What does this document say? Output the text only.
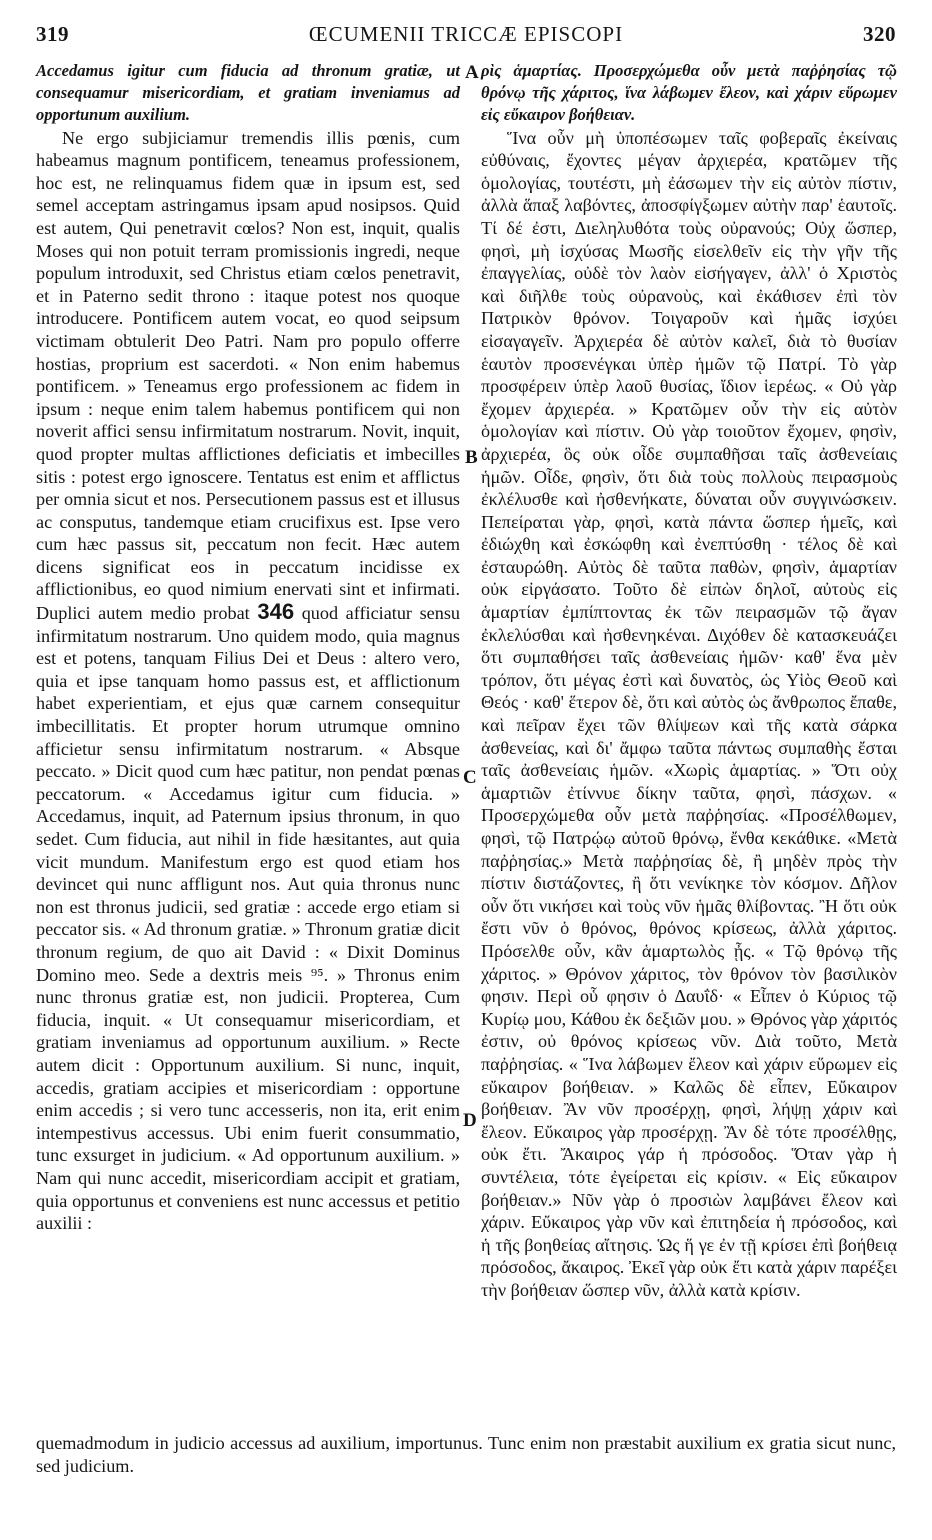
319	ŒCUMENII TRICCÆ EPISCOPI	320

Accedamus igitur cum fiducia ad thronum gratiæ, ut consequamur misericordiam, et gratiam inveniamus ad opportunum auxilium.

Ne ergo subjiciamur tremendis illis pœnis, cum habeamus magnum pontificem, teneamus professionem, hoc est, ne relinquamus fidem quæ in ipsum est, sed semel acceptam astringamus ipsam apud nosipsos. Quid est autem, Qui penetravit cœlos? Non est, inquit, qualis Moses qui non potuit terram promissionis ingredi, neque populum introduxit, sed Christus etiam cœlos penetravit, et in Paterno sedit throno : itaque potest nos quoque introducere. Pontificem autem vocat, eo quod seipsum victimam obtulerit Deo Patri. Nam pro populo offerre hostias, proprium est sacerdoti. « Non enim habemus pontificem. » Teneamus ergo professionem ac fidem in ipsum : neque enim talem habemus pontificem qui non noverit affici sensu infirmitatum nostrarum. Novit, inquit, quod propter multas afflictiones deficiatis et imbecilles sitis : potest ergo ignoscere. Tentatus est enim et afflictus per omnia sicut et nos. Persecutionem passus est et illusus ac consputus, tandemque etiam crucifixus est. Ipse vero cum hæc passus sit, peccatum non fecit. Hæc autem dicens significat eos in peccatum incidisse ex afflictionibus, eo quod nimium enervati sint et infirmati. Duplici autem medio probat 346 quod afficiatur sensu infirmitatum nostrarum. Uno quidem modo, quia magnus est et potens, tanquam Filius Dei et Deus : altero vero, quia et ipse tanquam homo passus est, et afflictionum habet experientiam, et ejus quæ carnem consequitur imbecillitatis. Et propter horum utrumque omnino afficietur sensu infirmitatum nostrarum. « Absque peccato. » Dicit quod cum hæc patitur, non pendat pœnas peccatorum. « Accedamus igitur cum fiducia. » Accedamus, inquit, ad Paternum ipsius thronum, in quo sedet. Cum fiducia, aut nihil in fide hæsitantes, aut quia vicit mundum. Manifestum ergo est quod etiam hos devincet qui nunc affligunt nos. Aut quia thronus nunc non est thronus judicii, sed gratiæ : accede ergo etiam si peccator sis. « Ad thronum gratiæ. » Thronum gratiæ dicit thronum regium, de quo ait David : « Dixit Dominus Domino meo. Sede a dextris meis ⁹⁵. » Thronus enim nunc thronus gratiæ est, non judicii. Propterea, Cum fiducia, inquit. « Ut consequamur misericordiam, et gratiam inveniamus ad opportunum auxilium. » Recte autem dicit : Opportunum auxilium. Si nunc, inquit, accedis, gratiam accipies et misericordiam : opportune enim accedis ; si vero tunc accesseris, non ita, erit enim intempestivus accessus. Ubi enim fuerit consummatio, tunc exsurget in judicium. « Ad opportunum auxilium. » Nam qui nunc accedit, misericordiam accipit et gratiam, quia opportunus et conveniens est nunc accessus et petitio auxilii :

A
B
C
D

ρὶς ἁμαρτίας. Προσερχώμεθα οὖν μετὰ παῤῥησίας τῷ θρόνῳ τῆς χάριτος, ἵνα λάβωμεν ἔλεον, καὶ χάριν εὕρωμεν εἰς εὔκαιρον βοήθειαν.

Ἵνα οὖν μὴ ὑποπέσωμεν ταῖς φοβεραῖς ἐκείναις εὐθύναις, ἔχοντες μέγαν ἀρχιερέα, κρατῶμεν τῆς ὁμολογίας, τουτέστι, μὴ ἐάσωμεν τὴν εἰς αὐτὸν πίστιν, ἀλλὰ ἅπαξ λαβόντες, ἀποσφίγξωμεν αὐτὴν παρ' ἑαυτοῖς. Τί δέ ἐστι, Διεληλυθότα τοὺς οὐρανούς; Οὐχ ὥσπερ, φησὶ, μὴ ἰσχύσας Μωσῆς εἰσελθεῖν εἰς τὴν γῆν τῆς ἐπαγγελίας, οὐδὲ τὸν λαὸν εἰσήγαγεν, ἀλλ' ὁ Χριστὸς καὶ διῆλθε τοὺς οὐρανοὺς, καὶ ἐκάθισεν ἐπὶ τὸν Πατρικὸν θρόνον. Τοιγαροῦν καὶ ἡμᾶς ἰσχύει εἰσαγαγεῖν. Ἀρχιερέα δὲ αὐτὸν καλεῖ, διὰ τὸ θυσίαν ἑαυτὸν προσενέγκαι ὑπὲρ ἡμῶν τῷ Πατρί. Τὸ γὰρ προσφέρειν ὑπὲρ λαοῦ θυσίας, ἴδιον ἱερέως. « Οὐ γὰρ ἔχομεν ἀρχιερέα. » Κρατῶμεν οὖν τὴν εἰς αὐτὸν ὁμολογίαν καὶ πίστιν. Οὐ γὰρ τοιοῦτον ἔχομεν, φησὶν, ἀρχιερέα, ὃς οὐκ οἶδε συμπαθῆσαι ταῖς ἀσθενείαις ἡμῶν. Οἶδε, φησὶν, ὅτι διὰ τοὺς πολλοὺς πειρασμοὺς ἐκλέλυσθε καὶ ἠσθενήκατε, δύναται οὖν συγγινώσκειν. Πεπείραται γὰρ, φησὶ, κατὰ πάντα ὥσπερ ἡμεῖς, καὶ ἐδιώχθη καὶ ἐσκώφθη καὶ ἐνεπτύσθη · τέλος δὲ καὶ ἐσταυρώθη. Αὐτὸς δὲ ταῦτα παθὼν, φησὶν, ἁμαρτίαν οὐκ εἰργάσατο. Τοῦτο δὲ εἰπὼν δηλοῖ, αὐτοὺς εἰς ἁμαρτίαν ἐμπίπτοντας ἐκ τῶν πειρασμῶν τῷ ἄγαν ἐκλελύσθαι καὶ ἠσθενηκέναι. Διχόθεν δὲ κατασκευάζει ὅτι συμπαθήσει ταῖς ἀσθενείαις ἡμῶν· καθ' ἕνα μὲν τρόπον, ὅτι μέγας ἐστὶ καὶ δυνατὸς, ὡς Υἱὸς Θεοῦ καὶ Θεός · καθ' ἕτερον δὲ, ὅτι καὶ αὐτὸς ὡς ἄνθρωπος ἔπαθε, καὶ πεῖραν ἔχει τῶν θλίψεων καὶ τῆς κατὰ σάρκα ἀσθενείας, καὶ δι' ἄμφω ταῦτα πάντως συμπαθὴς ἔσται ταῖς ἀσθενείαις ἡμῶν. «Χωρὶς ἁμαρτίας. » Ὅτι οὐχ ἁμαρτιῶν ἐτίννυε δίκην ταῦτα, φησὶ, πάσχων. « Προσερχώμεθα οὖν μετὰ παῤῥησίας. «Προσέλθωμεν, φησὶ, τῷ Πατρῴῳ αὐτοῦ θρόνῳ, ἔνθα κεκάθικε. «Μετὰ παῤῥησίας.» Μετὰ παῤῥησίας δὲ, ἢ μηδὲν πρὸς τὴν πίστιν διστάζοντες, ἢ ὅτι νενίκηκε τὸν κόσμον. Δῆλον οὖν ὅτι νικήσει καὶ τοὺς νῦν ἡμᾶς θλίβοντας. Ἢ ὅτι οὐκ ἔστι νῦν ὁ θρόνος, θρόνος κρίσεως, ἀλλὰ χάριτος. Πρόσελθε οὖν, κἂν ἁμαρτωλὸς ᾖς. « Τῷ θρόνῳ τῆς χάριτος. » Θρόνον χάριτος, τὸν θρόνον τὸν βασιλικὸν φησιν. Περὶ οὗ φησιν ὁ Δαυΐδ· « Εἶπεν ὁ Κύριος τῷ Κυρίῳ μου, Κάθου ἐκ δεξιῶν μου. » Θρόνος γὰρ χάριτός ἐστιν, οὐ θρόνος κρίσεως νῦν. Διὰ τοῦτο, Μετὰ παῤῥησίας. « Ἵνα λάβωμεν ἔλεον καὶ χάριν εὕρωμεν εἰς εὔκαιρον βοήθειαν. » Καλῶς δὲ εἶπεν, Εὔκαιρον βοήθειαν. Ἂν νῦν προσέρχῃ, φησὶ, λήψῃ χάριν καὶ ἔλεον. Εὔκαιρος γὰρ προσέρχῃ. Ἂν δὲ τότε προσέλθῃς, οὐκ ἔτι. Ἄκαιρος γάρ ἡ πρόσοδος. Ὅταν γὰρ ἡ συντέλεια, τότε ἐγείρεται εἰς κρίσιν. « Εἰς εὔκαιρον βοήθειαν.» Νῦν γὰρ ὁ προσιὼν λαμβάνει ἔλεον καὶ χάριν. Εὔκαιρος γὰρ νῦν καὶ ἐπιτηδεία ἡ πρόσοδος, καὶ ἡ τῆς βοηθείας αἴτησις. Ὡς ἥ γε ἐν τῇ κρίσει ἐπὶ βοήθειᾳ πρόσοδος, ἄκαιρος. Ἐκεῖ γὰρ οὐκ ἔτι κατὰ χάριν παρέξει τὴν βοήθειαν ὥσπερ νῦν, ἀλλὰ κατὰ κρίσιν.

quemadmodum in judicio accessus ad auxilium, importunus. Tunc enim non præstabit auxilium ex gratia sicut nunc, sed judicium.
